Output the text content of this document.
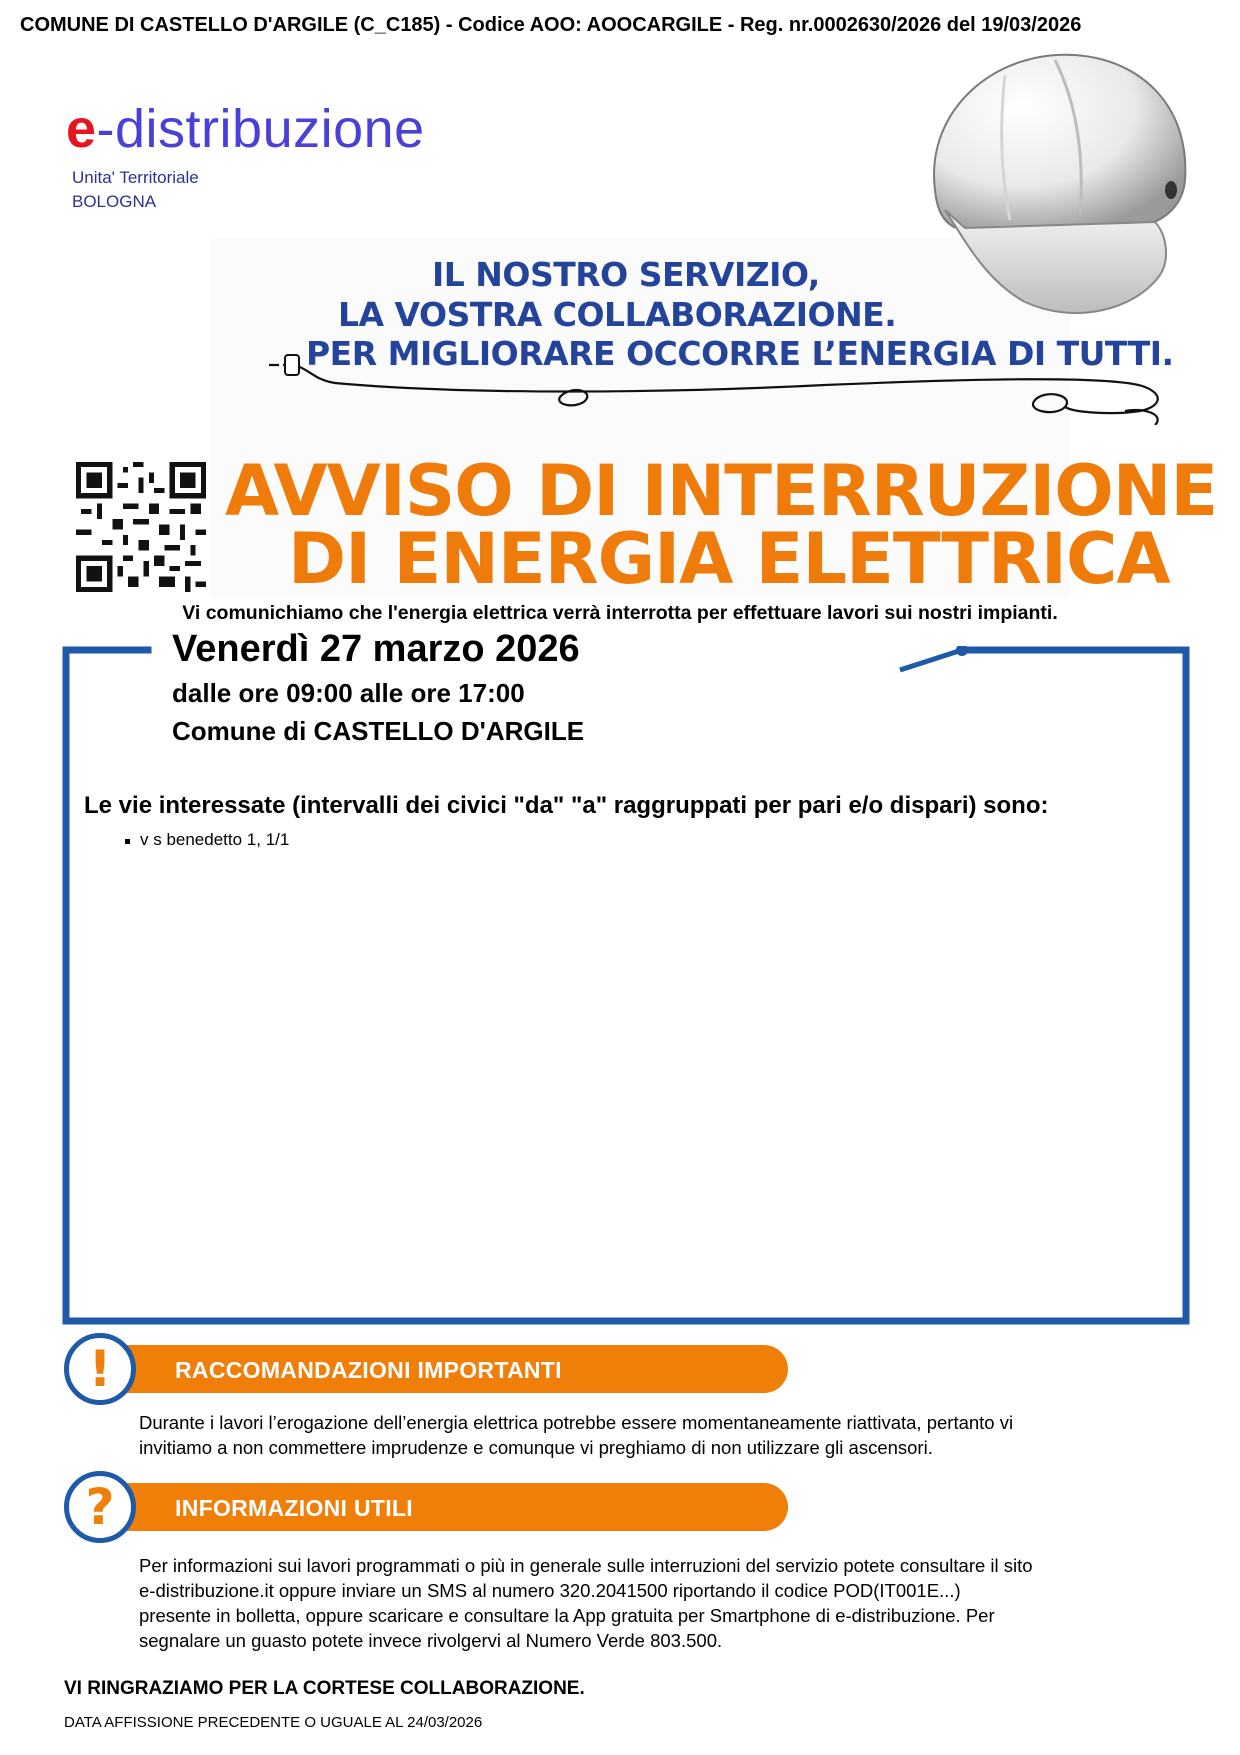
COMUNE DI CASTELLO D'ARGILE (C_C185) - Codice AOO: AOOCARGILE - Reg. nr.0002630/2026 del 19/03/2026
e -distribuzione
Unita' Territoriale
BOLOGNA
IL NOSTRO SERVIZIO,
LA VOSTRA COLLABORAZIONE.
PER MIGLIORARE OCCORRE L’ENERGIA DI TUTTI.
AVVISO DI INTERRUZIONE
DI ENERGIA ELETTRICA
Vi comunichiamo che l'energia elettrica verrà interrotta per effettuare lavori sui nostri impianti.
Venerdì 27 marzo 2026
dalle ore 09:00 alle ore 17:00
Comune di CASTELLO D'ARGILE
Le vie interessate (intervalli dei civici "da" "a" raggruppati per pari e/o dispari) sono:
v s benedetto 1, 1/1
!	RACCOMANDAZIONI IMPORTANTI
Durante i lavori l’erogazione dell’energia elettrica potrebbe essere momentaneamente riattivata, pertanto vi
invitiamo a non commettere imprudenze e comunque vi preghiamo di non utilizzare gli ascensori.
?	INFORMAZIONI UTILI
Per informazioni sui lavori programmati o più in generale sulle interruzioni del servizio potete consultare il sito
e-distribuzione.it oppure inviare un SMS al numero 320.2041500 riportando il codice POD(IT001E...)
presente in bolletta, oppure scaricare e consultare la App gratuita per Smartphone di e-distribuzione. Per
segnalare un guasto potete invece rivolgervi al Numero Verde 803.500.
VI RINGRAZIAMO PER LA CORTESE COLLABORAZIONE.
DATA AFFISSIONE PRECEDENTE O UGUALE AL 24/03/2026
